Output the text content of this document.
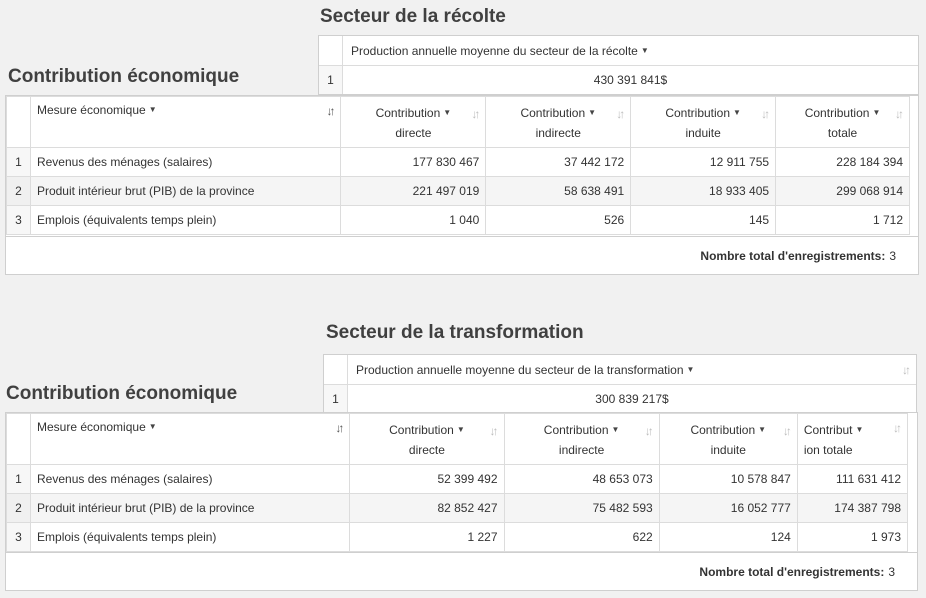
Secteur de la récolte
Production annuelle moyenne du secteur de la récolte ▼
1	430 391 841$
Contribution économique
	Mesure économique ▼ ↓↑	Contribution ▼
directe
↓↑	Contribution ▼
indirecte
↓↑	Contribution ▼
induite
↓↑	Contribution ▼
totale
↓↑

1	Revenus des ménages (salaires)	177 830 467	37 442 172	12 911 755	228 184 394
2	Produit intérieur brut (PIB) de la province	221 497 019	58 638 491	18 933 405	299 068 914
3	Emplois (équivalents temps plein)	1 040	526	145	1 712
Nombre total d'enregistrements: 3
Secteur de la transformation
Production annuelle moyenne du secteur de la transformation ▼	↓↑
1	300 839 217$
Contribution économique
	Mesure économique ▼ ↓↑	Contribution ▼
directe
↓↑	Contribution ▼
indirecte
↓↑	Contribution ▼
induite
↓↑	Contribut ▼
ion totale
↓↑

1	Revenus des ménages (salaires)	52 399 492	48 653 073	10 578 847	111 631 412
2	Produit intérieur brut (PIB) de la province	82 852 427	75 482 593	16 052 777	174 387 798
3	Emplois (équivalents temps plein)	1 227	622	124	1 973
Nombre total d'enregistrements: 3
